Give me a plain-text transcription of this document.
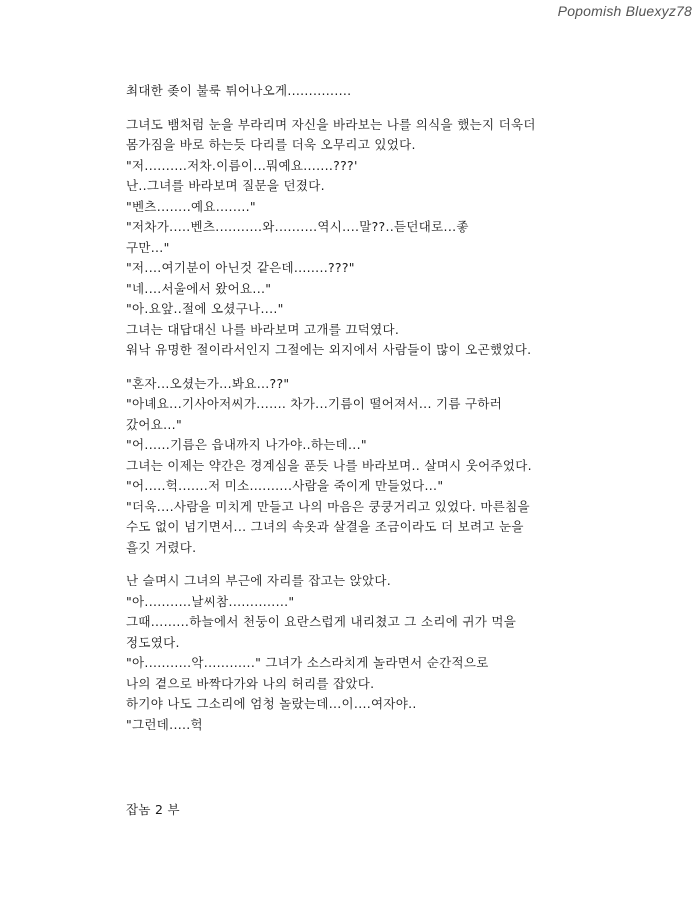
Popomish Bluexyz78
최대한 좆이 불룩 튀어나오게...............
그녀도 뱀처럼 눈을 부라리며 자신을 바라보는 나를 의식을 했는지 더욱더
몸가짐을 바로 하는듯 다리를 더욱 오무리고 있었다.
"저..........저차.이름이...뭐예요.......???'
난..그녀를 바라보며 질문을 던졌다.
"벤츠........예요........"
"저차가.....벤츠...........와..........역시....말??..듣던대로...좋
구만..."
"저....여기분이 아닌것 같은데........???"
"네....서울에서 왔어요..."
"아.요앞..절에 오셨구나...."
그녀는 대답대신 나를 바라보며 고개를 끄덕였다.
워낙 유명한 절이라서인지 그절에는 외지에서 사람들이 많이 오곤했었다.
"혼자...오셨는가...봐요...??"
"아녜요...기사아저씨가....... 차가...기름이 떨어져서... 기름 구하러
갔어요..."
"어......기름은 읍내까지 나가야..하는데..."
그녀는 이제는 약간은 경계심을 푼듯 나를 바라보며.. 살며시 웃어주었다.
"어.....헉.......저 미소..........사람을 죽이게 만들었다..."
"더욱....사람을 미치게 만들고 나의 마음은 쿵쿵거리고 있었다. 마른침을
수도 없이 넘기면서... 그녀의 속옷과 살결을 조금이라도 더 보려고 눈을
흘깃 거렸다.
난 슬며시 그녀의 부근에 자리를 잡고는 앉았다.
"아...........날씨참.............."
그때.........하늘에서 천둥이 요란스럽게 내리쳤고 그 소리에 귀가 먹을
정도였다.
"아...........악............" 그녀가 소스라치게 놀라면서 순간적으로
나의 곁으로 바짝다가와 나의 허리를 잡았다.
하기야 나도 그소리에 엄청 놀랐는데...이....여자야..
"그런데.....헉
잡놈 2 부
